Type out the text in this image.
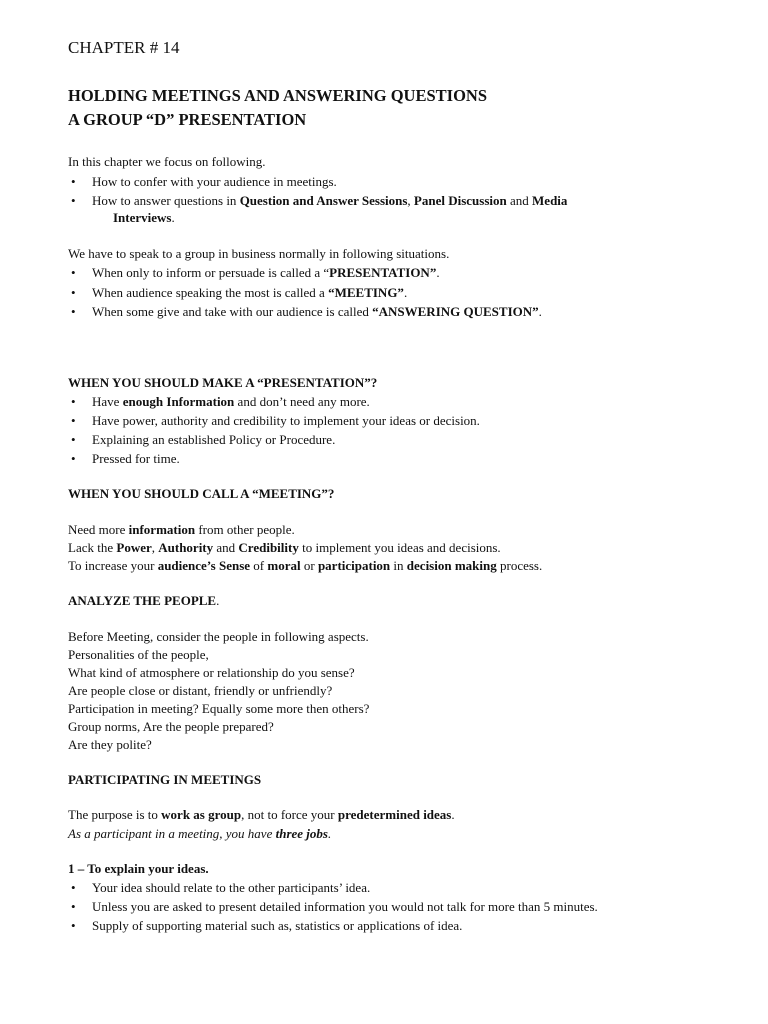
CHAPTER # 14
HOLDING MEETINGS AND ANSWERING QUESTIONS
A GROUP “D” PRESENTATION
In this chapter we focus on following.
• How to confer with your audience in meetings.
• How to answer questions in Question and Answer Sessions, Panel Discussion and Media
Interviews.
We have to speak to a group in business normally in following situations.
• When only to inform or persuade is called a “PRESENTATION”.
• When audience speaking the most is called a “MEETING”.
• When some give and take with our audience is called “ANSWERING QUESTION”.
WHEN YOU SHOULD MAKE A “PRESENTATION”?
• Have enough Information and don’t need any more.
• Have power, authority and credibility to implement your ideas or decision.
• Explaining an established Policy or Procedure.
• Pressed for time.
WHEN YOU SHOULD CALL A “MEETING”?
Need more information from other people.
Lack the Power, Authority and Credibility to implement you ideas and decisions.
To increase your audience’s Sense of moral or participation in decision making process.
ANALYZE THE PEOPLE.
Before Meeting, consider the people in following aspects.
Personalities of the people,
What kind of atmosphere or relationship do you sense?
Are people close or distant, friendly or unfriendly?
Participation in meeting? Equally some more then others?
Group norms, Are the people prepared?
Are they polite?
PARTICIPATING IN MEETINGS
The purpose is to work as group, not to force your predetermined ideas.
As a participant in a meeting, you have three jobs.
1 – To explain your ideas.
• Your idea should relate to the other participants’ idea.
• Unless you are asked to present detailed information you would not talk for more than 5 minutes.
• Supply of supporting material such as, statistics or applications of idea.
